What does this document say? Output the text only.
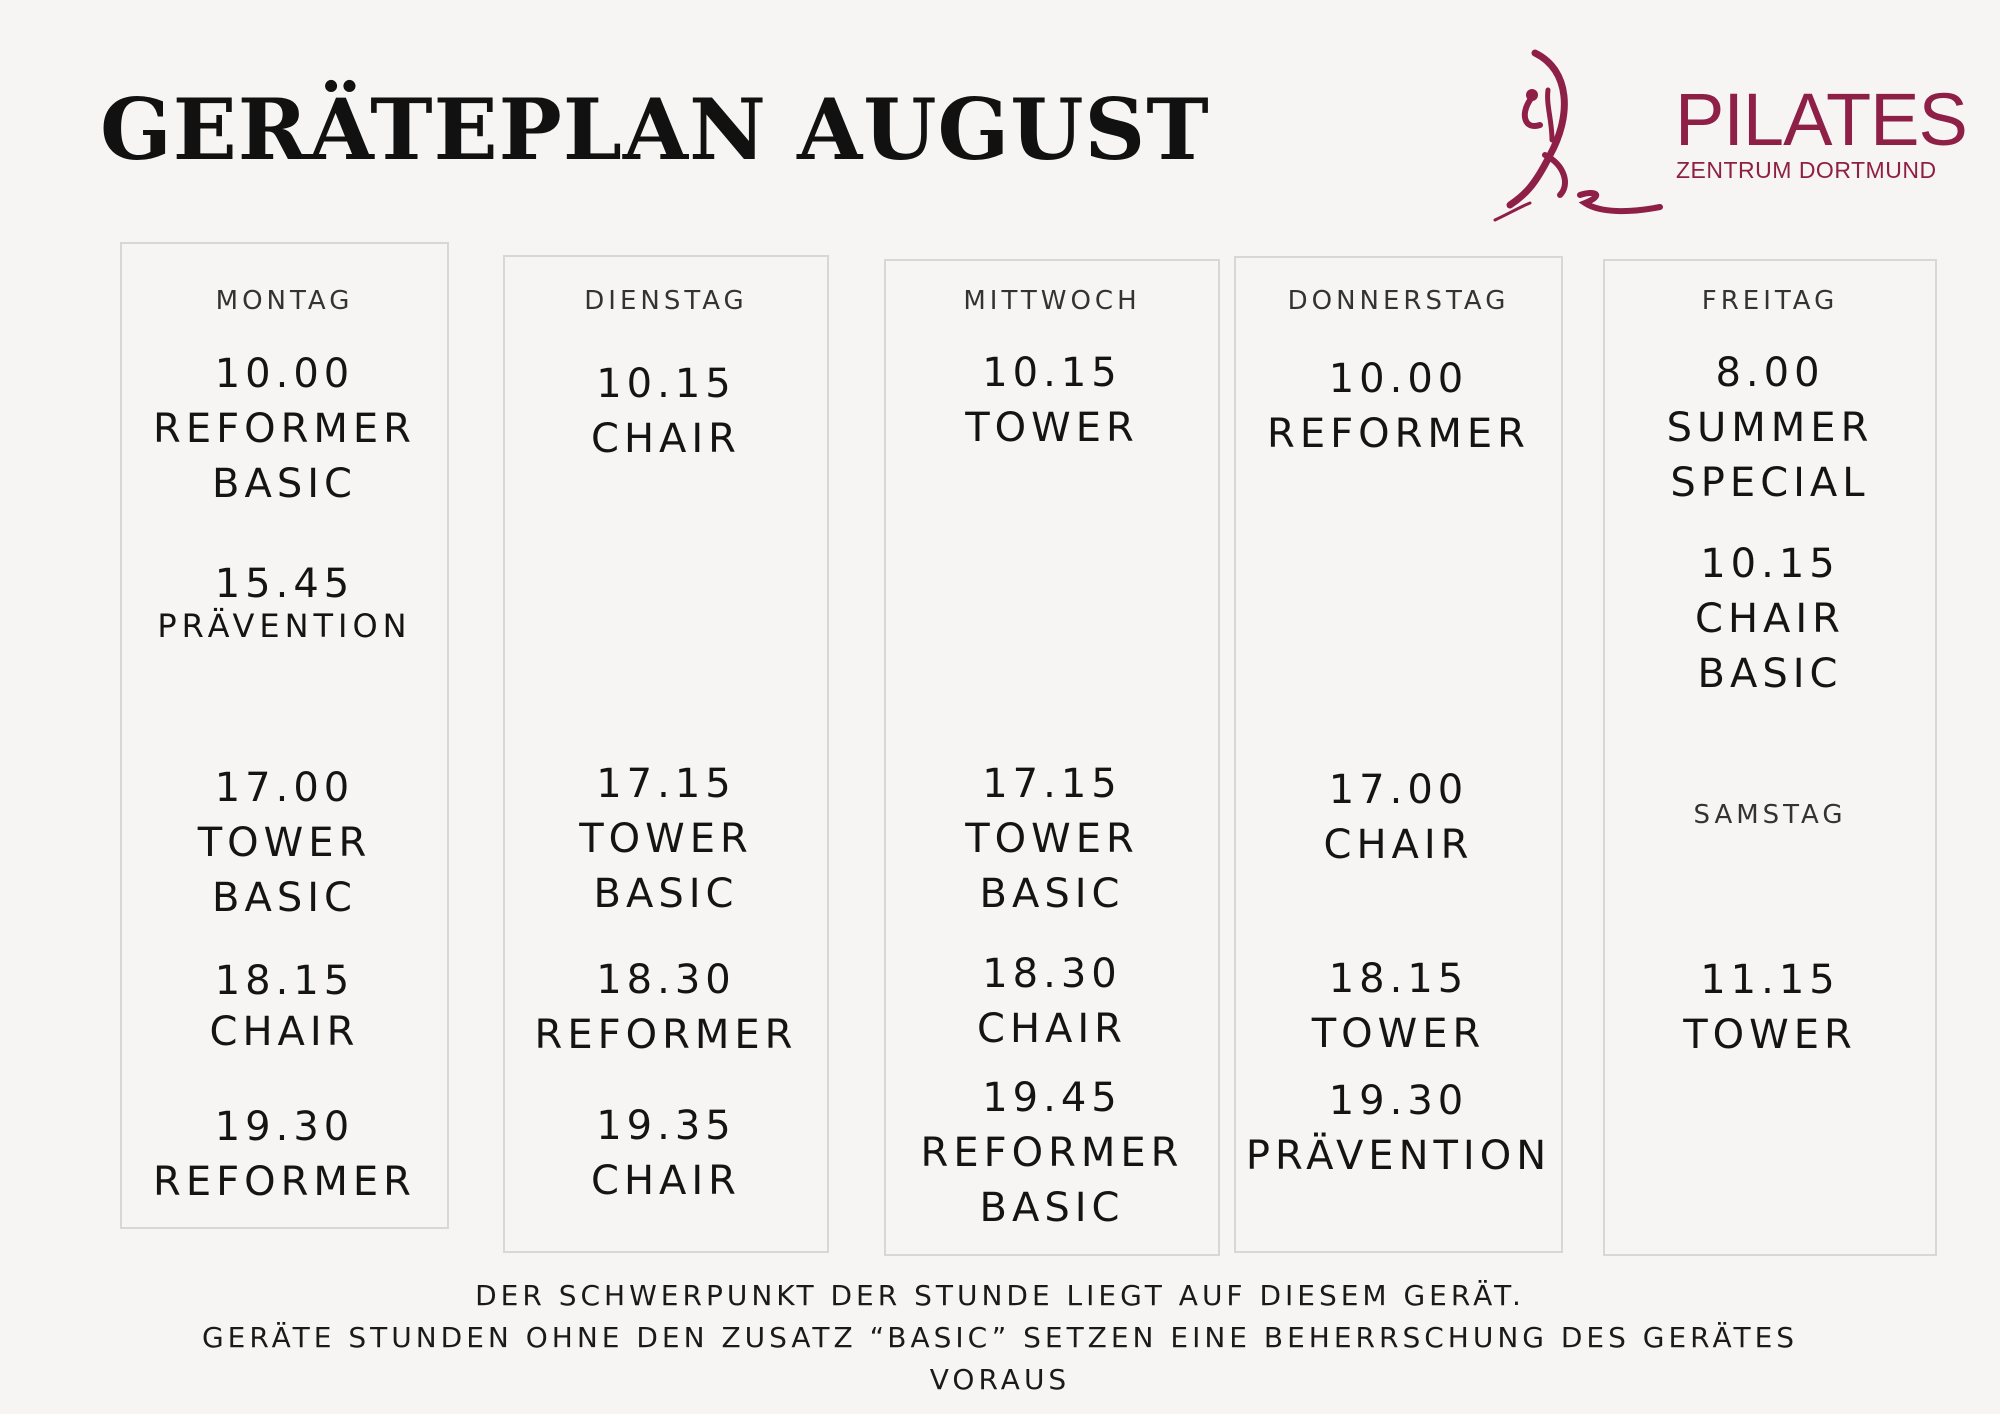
GERÄTEPLAN AUGUST	PILATES
ZENTRUM DORTMUND
MONTAG
10.00
REFORMER
BASIC
15.45
PRÄVENTION
17.00
TOWER
BASIC
18.15
CHAIR
19.30
REFORMER
DIENSTAG
10.15
CHAIR
17.15
TOWER
BASIC
18.30
REFORMER
19.35
CHAIR
MITTWOCH
10.15
TOWER
17.15
TOWER
BASIC
18.30
CHAIR
19.45
REFORMER
BASIC
DONNERSTAG
10.00
REFORMER
17.00
CHAIR
18.15
TOWER
19.30
PRÄVENTION
FREITAG
8.00
SUMMER
SPECIAL
10.15
CHAIR
BASIC
SAMSTAG
11.15
TOWER
DER SCHWERPUNKT DER STUNDE LIEGT AUF DIESEM GERÄT.
GERÄTE STUNDEN OHNE DEN ZUSATZ “BASIC” SETZEN EINE BEHERRSCHUNG DES GERÄTES
VORAUS
